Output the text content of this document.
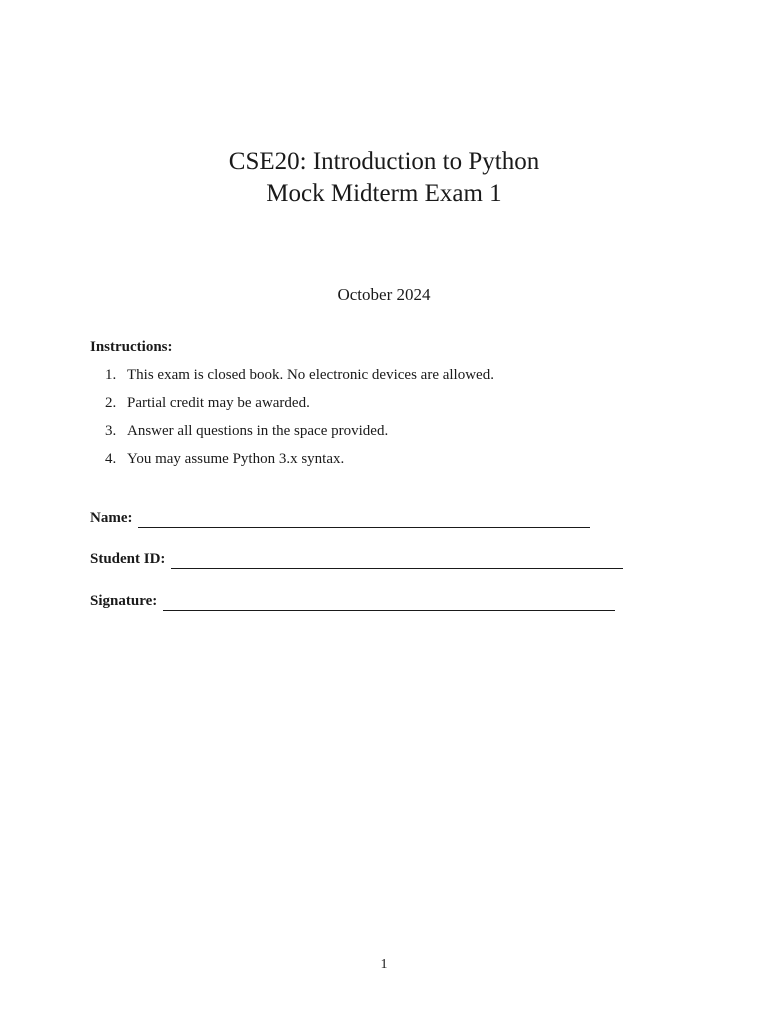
CSE20: Introduction to Python
Mock Midterm Exam 1
October 2024
Instructions:
1. This exam is closed book. No electronic devices are allowed.
2. Partial credit may be awarded.
3. Answer all questions in the space provided.
4. You may assume Python 3.x syntax.
Name:
Student ID:
Signature:
1
